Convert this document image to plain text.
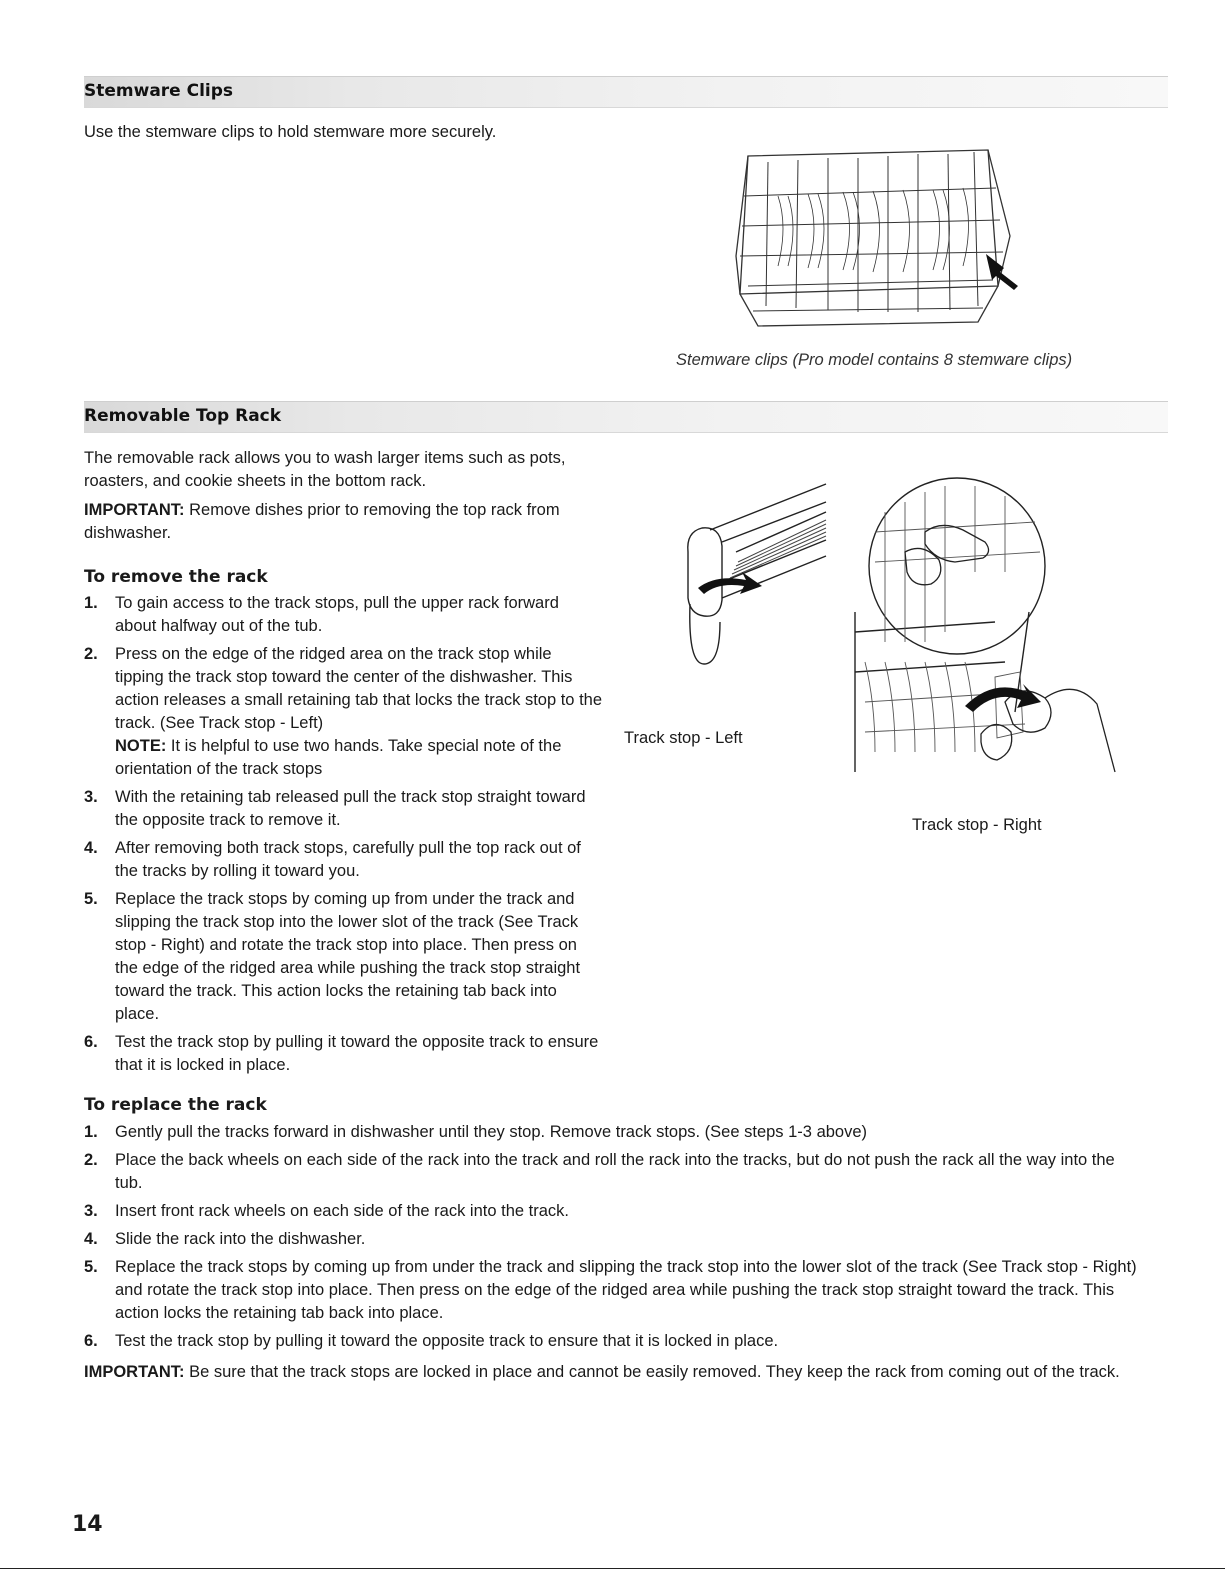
Stemware Clips

Use the stemware clips to hold stemware more securely.

Stemware clips (Pro model contains 8 stemware clips)
Removable Top Rack

The removable rack allows you to wash larger items such as pots, roasters, and cookie sheets in the bottom rack.

IMPORTANT: Remove dishes prior to removing the top rack from dishwasher.

To remove the rack

1. To gain access to the track stops, pull the upper rack forward about halfway out of the tub.
2. Press on the edge of the ridged area on the track stop while tipping the track stop toward the center of the dishwasher. This action releases a small retaining tab that locks the track stop to the track. (See Track stop - Left)
NOTE: It is helpful to use two hands. Take special note of the orientation of the track stops
3. With the retaining tab released pull the track stop straight toward the opposite track to remove it.
4. After removing both track stops, carefully pull the top rack out of the tracks by rolling it toward you.
5. Replace the track stops by coming up from under the track and slipping the track stop into the lower slot of the track (See Track stop - Right) and rotate the track stop into place. Then press on the edge of the ridged area while pushing the track stop straight toward the track. This action locks the retaining tab back into place.
6. Test the track stop by pulling it toward the opposite track to ensure that it is locked in place.
Track stop - Left
Track stop - Right

To replace the rack

1. Gently pull the tracks forward in dishwasher until they stop. Remove track stops. (See steps 1-3 above)
2. Place the back wheels on each side of the rack into the track and roll the rack into the tracks, but do not push the rack all the way into the tub.
3. Insert front rack wheels on each side of the rack into the track.
4. Slide the rack into the dishwasher.
5. Replace the track stops by coming up from under the track and slipping the track stop into the lower slot of the track (See Track stop - Right) and rotate the track stop into place. Then press on the edge of the ridged area while pushing the track stop straight toward the track. This action locks the retaining tab back into place.
6. Test the track stop by pulling it toward the opposite track to ensure that it is locked in place.

IMPORTANT: Be sure that the track stops are locked in place and cannot be easily removed. They keep the rack from coming out of the track.

14
